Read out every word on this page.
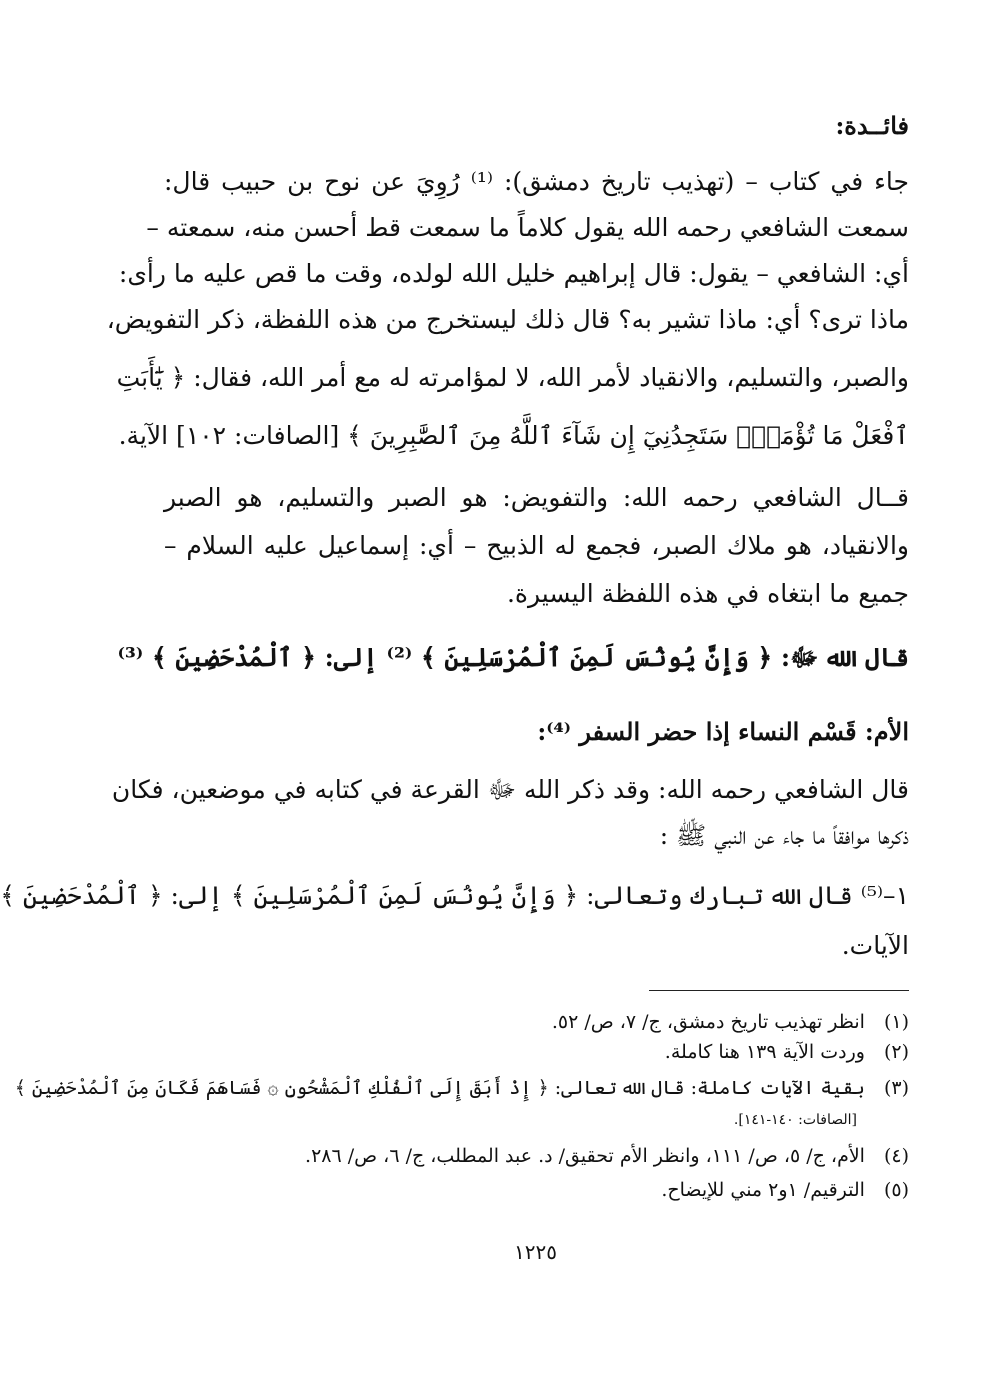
فائــدة:
جاء في كتاب – (تهذيب تاريخ دمشق): ⁽¹⁾ رُوِيَ عن نوح بن حبيب قال:
سمعت الشافعي رحمه الله يقول كلاماً ما سمعت قط أحسن منه، سمعته –
أي: الشافعي – يقول: قال إبراهيم خليل الله لولده، وقت ما قص عليه ما رأى:
ماذا ترى؟ أي: ماذا تشير به؟ قال ذلك ليستخرج من هذه اللفظة، ذكر التفويض،
والصبر، والتسليم، والانقياد لأمر الله، لا لمؤامرته له مع أمر الله، فقال: ﴿ يَٰٓأَبَتِ
ٱفْعَلْ مَا تُؤْمَرُۖ سَتَجِدُنِيٓ إِن شَآءَ ٱللَّهُ مِنَ ٱلصَّٰبِرِينَ ﴾ [الصافات: ١٠٢] الآية.
قــال الشافعي رحمه الله: والتفويض: هو الصبر والتسليم، هو الصبر
والانقياد، هو ملاك الصبر، فجمع له الذبيح – أي: إسماعيل عليه السلام –
جميع ما ابتغاه في هذه اللفظة اليسيرة.
قال الله ﷻ: ﴿ وَإِنَّ يُونُسَ لَمِنَ ٱلْمُرْسَلِينَ ﴾ ⁽²⁾ إلى: ﴿ ٱلْمُدْحَضِينَ ﴾ ⁽³⁾
الأم: قَسْم النساء إذا حضر السفر ⁽⁴⁾:
قال الشافعي رحمه الله: وقد ذكر الله ﷻ القرعة في كتابه في موضعين، فكان
ذكرها موافقاً ما جاء عن النبي ﷺ :
١–⁽⁵⁾ قال الله تبارك وتعالى: ﴿ وَإِنَّ يُونُسَ لَمِنَ ٱلْمُرْسَلِينَ ﴾ إلى: ﴿ ٱلْمُدْحَضِينَ ﴾
الآيات.
(١) انظر تهذيب تاريخ دمشق، ج/ ٧، ص/ ٥٢.
(٢) وردت الآية ١٣٩ هنا كاملة.
(٣) بقية الآيات كاملة: قال الله تعالى: ﴿ إِذْ أَبَقَ إِلَى ٱلْفُلْكِ ٱلْمَشْحُونِ ۞ فَسَاهَمَ فَكَانَ مِنَ ٱلْمُدْحَضِينَ ﴾
[الصافات: ١٤٠-١٤١].
(٤) الأم، ج/ ٥، ص/ ١١١، وانظر الأم تحقيق/ د. عبد المطلب، ج/ ٦، ص/ ٢٨٦.
(٥) الترقيم/ ١و٢ مني للإيضاح.
١٢٢٥
